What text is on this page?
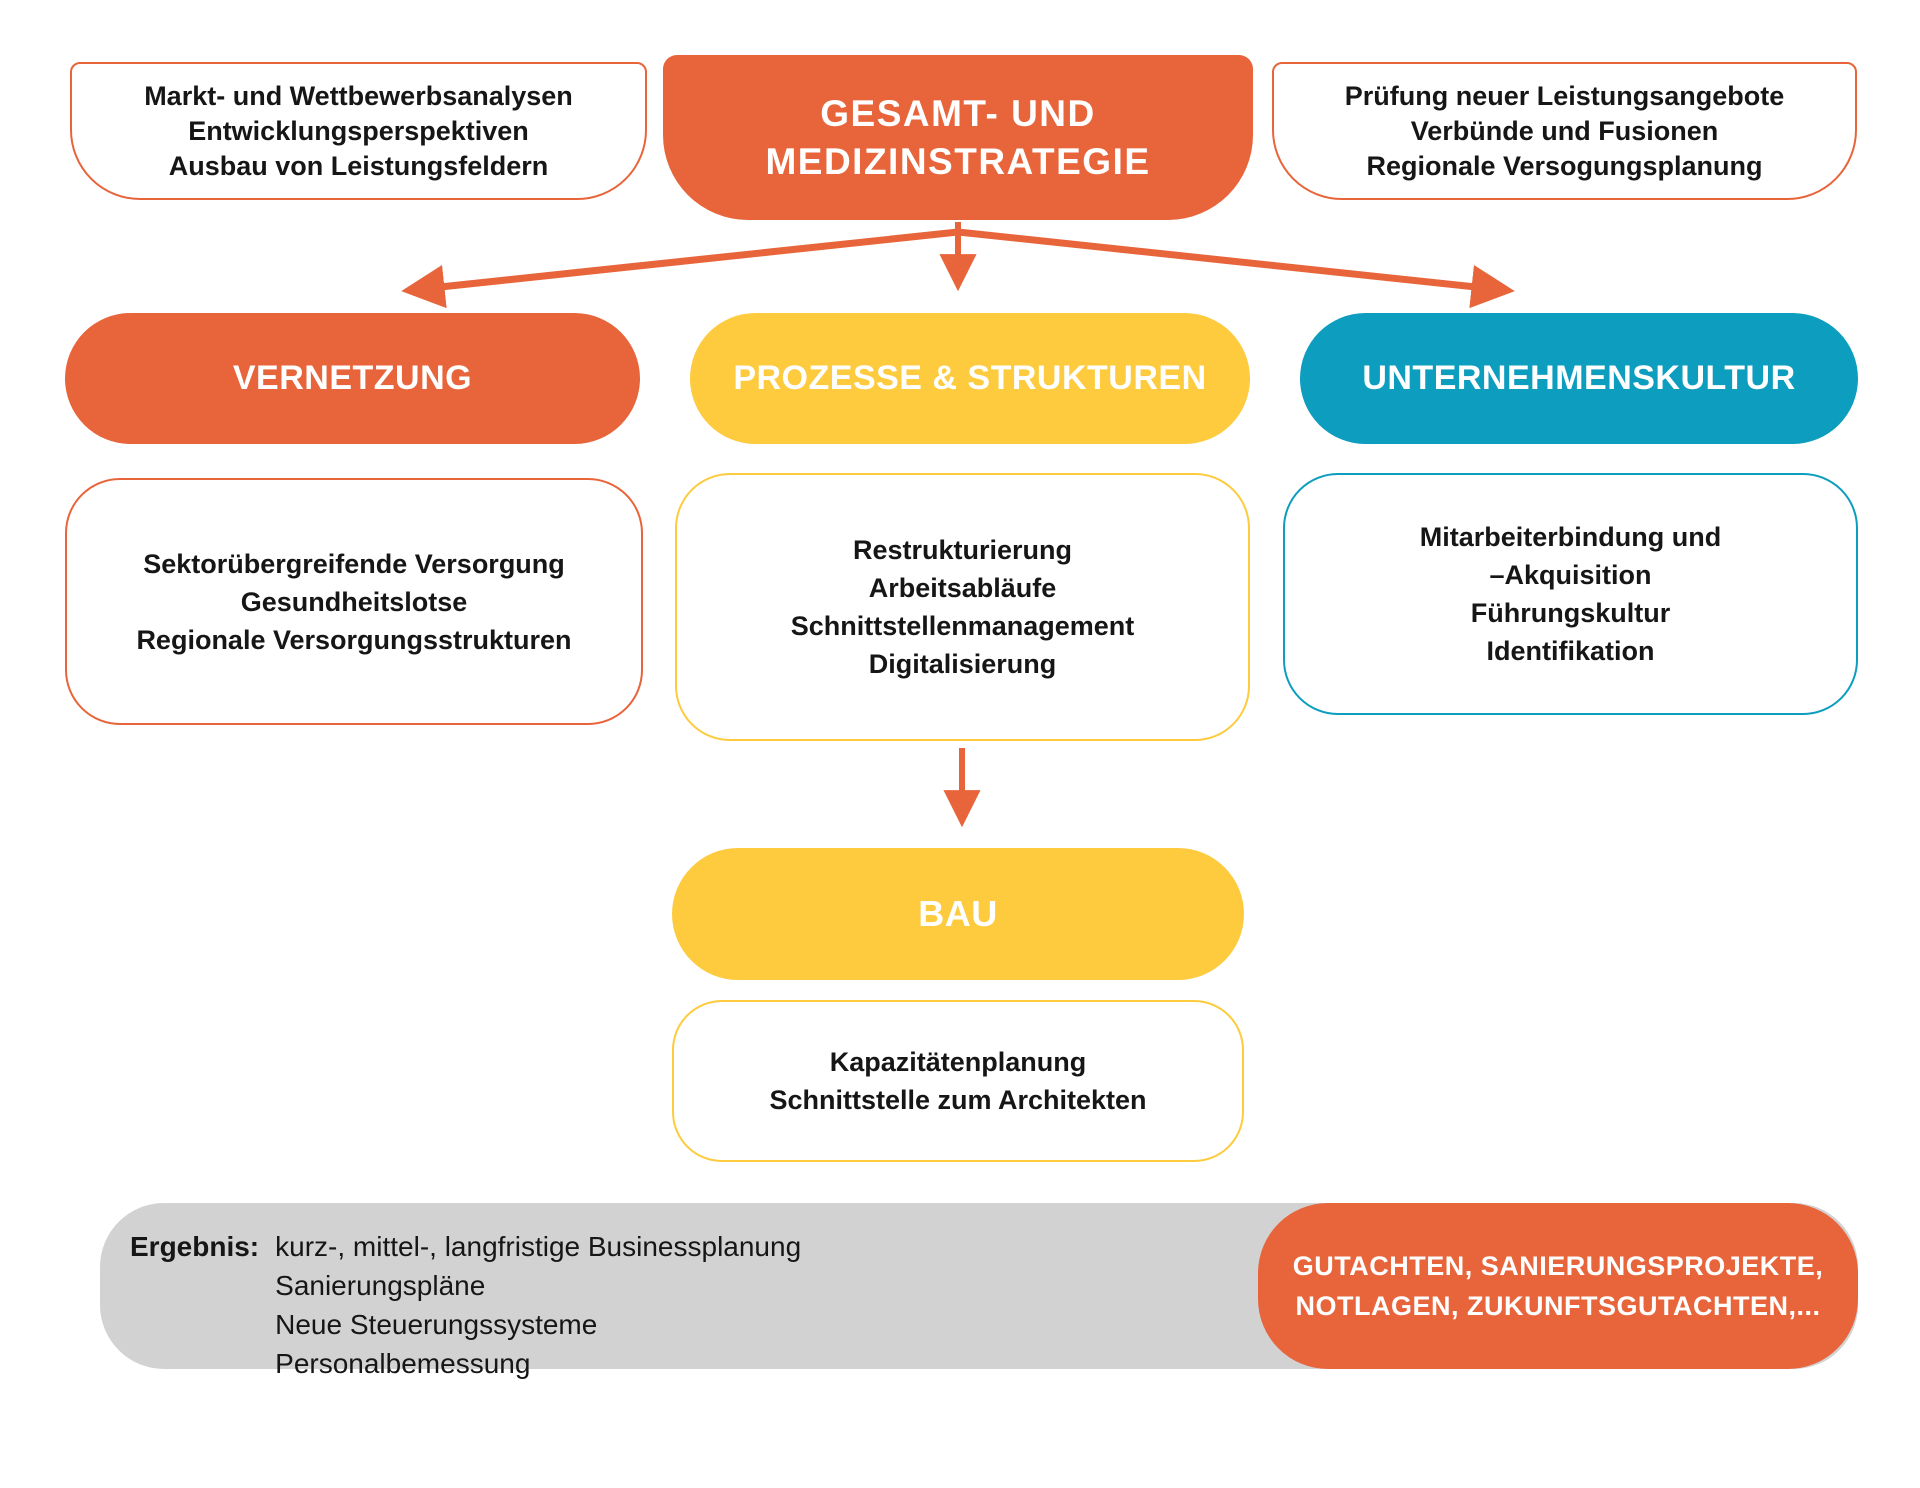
Markt- und Wettbewerbsanalysen
Entwicklungsperspektiven
Ausbau von Leistungsfeldern
GESAMT- UND
MEDIZINSTRATEGIE
Prüfung neuer Leistungsangebote
Verbünde und Fusionen
Regionale Versogungsplanung
VERNETZUNG	PROZESSE & STRUKTUREN	UNTERNEHMENSKULTUR
Sektorübergreifende Versorgung
Gesundheitslotse
Regionale Versorgungsstrukturen
Restrukturierung
Arbeitsabläufe
Schnittstellenmanagement
Digitalisierung
Mitarbeiterbindung und
–Akquisition
Führungskultur
Identifikation
BAU
Kapazitätenplanung
Schnittstelle zum Architekten
Ergebnis: kurz-, mittel-, langfristige Businessplanung
Sanierungspläne
Neue Steuerungssysteme
Personalbemessung
GUTACHTEN, SANIERUNGSPROJEKTE,
NOTLAGEN, ZUKUNFTSGUTACHTEN,...
